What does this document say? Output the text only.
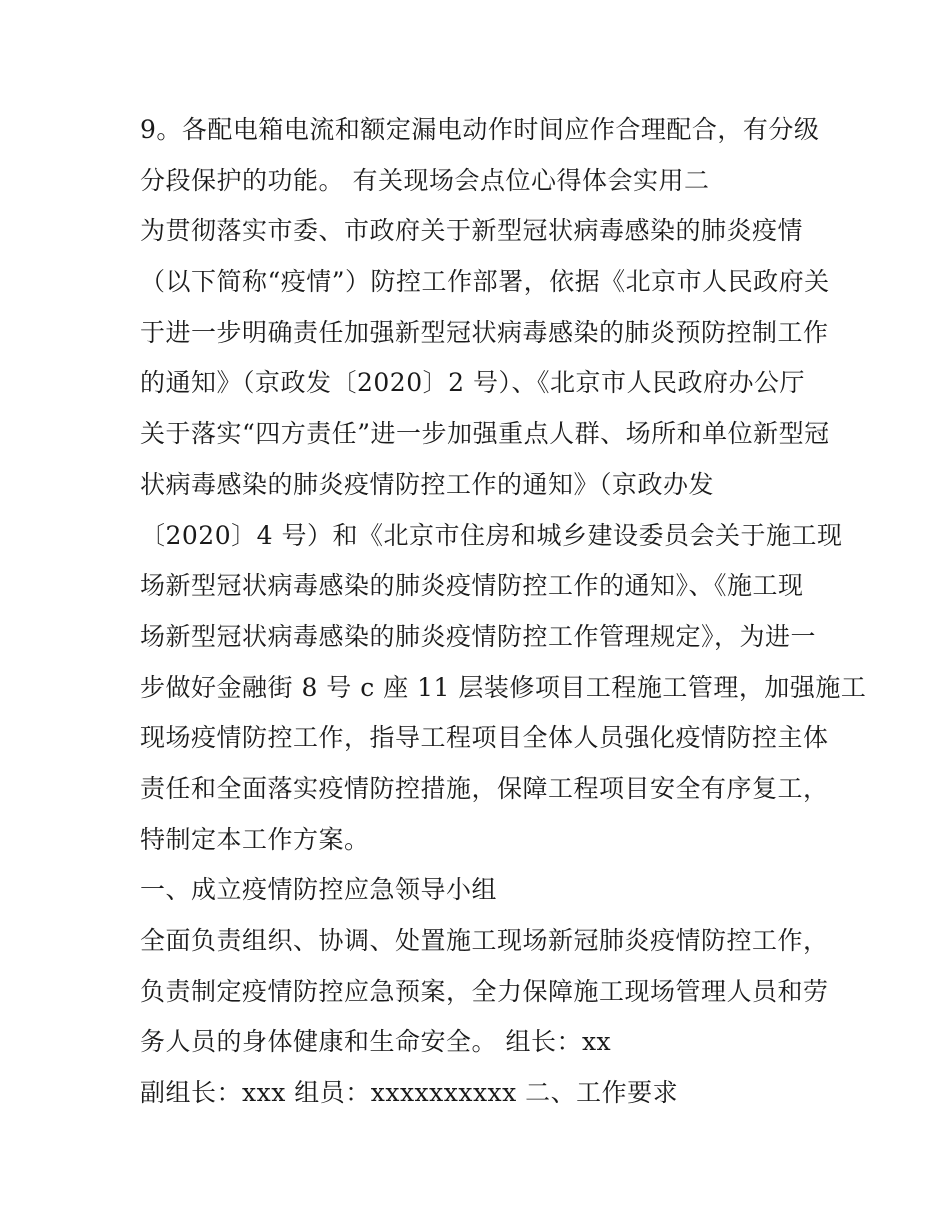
9。各配电箱电流和额定漏电动作时间应作合理配合，有分级
分段保护的功能。 有关现场会点位心得体会实用二
为贯彻落实市委、市政府关于新型冠状病毒感染的肺炎疫情
（以下简称“疫情”）防控工作部署，依据《北京市人民政府关
于进一步明确责任加强新型冠状病毒感染的肺炎预防控制工作
的通知》（京政发〔2020〕2 号）、《北京市人民政府办公厅
关于落实“四方责任”进一步加强重点人群、场所和单位新型冠
状病毒感染的肺炎疫情防控工作的通知》（京政办发
〔2020〕4 号）和《北京市住房和城乡建设委员会关于施工现
场新型冠状病毒感染的肺炎疫情防控工作的通知》、《施工现
场新型冠状病毒感染的肺炎疫情防控工作管理规定》，为进一
步做好金融街 8 号 c 座 11 层装修项目工程施工管理，加强施工
现场疫情防控工作，指导工程项目全体人员强化疫情防控主体
责任和全面落实疫情防控措施，保障工程项目安全有序复工，
特制定本工作方案。
一、成立疫情防控应急领导小组
全面负责组织、协调、处置施工现场新冠肺炎疫情防控工作，
负责制定疫情防控应急预案，全力保障施工现场管理人员和劳
务人员的身体健康和生命安全。 组长：xx
副组长：xxx 组员：xxxxxxxxxx 二、工作要求
